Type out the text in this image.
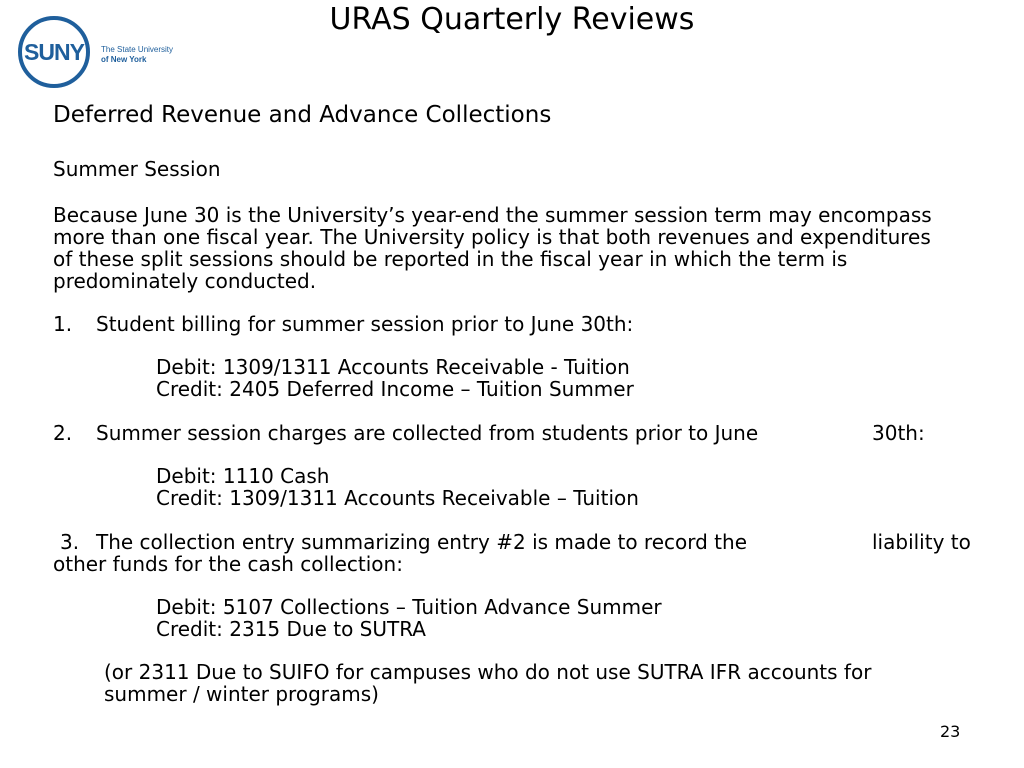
SU NY The State University
of New York
URAS Quarterly Reviews
Deferred Revenue and Advance Collections
Summer Session
Because June 30 is the University’s year-end the summer session term may encompass
more than one fiscal year. The University policy is that both revenues and expenditures
of these split sessions should be reported in the fiscal year in which the term is
predominately conducted.
1. Student billing for summer session prior to June 30th:
Debit: 1309/1311 Accounts Receivable - Tuition
Credit: 2405 Deferred Income – Tuition Summer
2. Summer session charges are collected from students prior to June	30th:
Debit: 1110 Cash
Credit: 1309/1311 Accounts Receivable – Tuition
3. The collection entry summarizing entry #2 is made to record the	liability to
other funds for the cash collection:
Debit: 5107 Collections – Tuition Advance Summer
Credit: 2315 Due to SUTRA
(or 2311 Due to SUIFO for campuses who do not use SUTRA IFR accounts for
summer / winter programs)
23
